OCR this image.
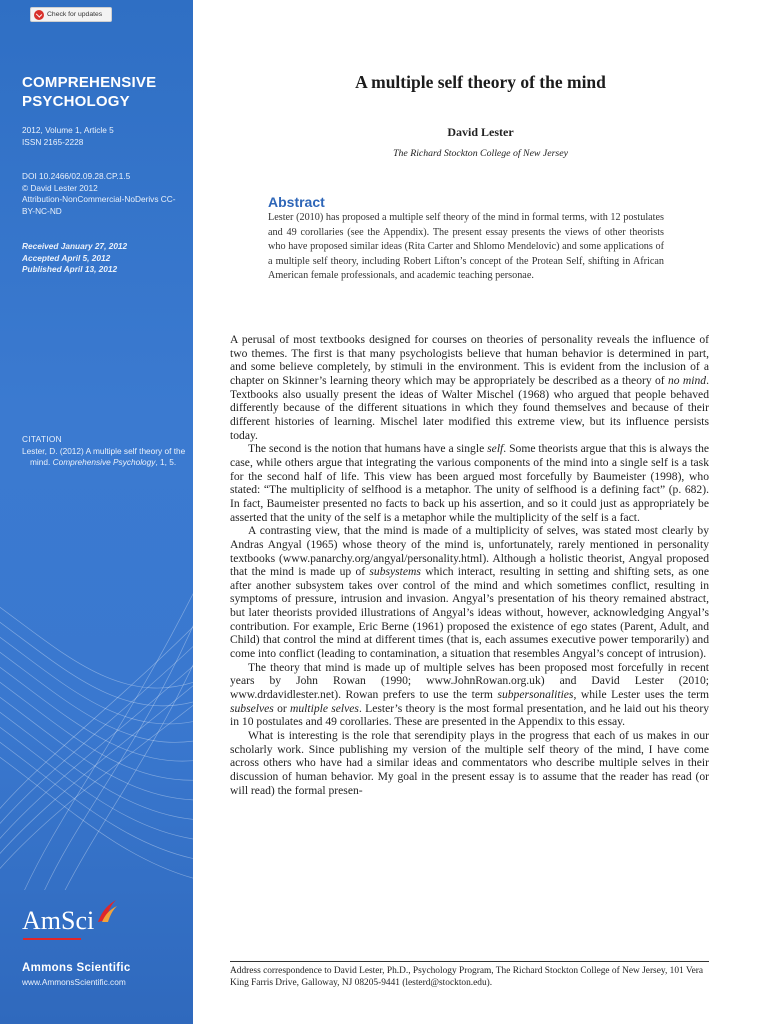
Check for updates
COMPREHENSIVE PSYCHOLOGY
2012, Volume 1, Article 5
ISSN 2165-2228
DOI 10.2466/02.09.28.CP.1.5
© David Lester 2012
Attribution-NonCommercial-NoDerivs CC-BY-NC-ND
Received January 27, 2012
Accepted April 5, 2012
Published April 13, 2012
CITATION
Lester, D. (2012) A multiple self theory of the mind. Comprehensive Psychology, 1, 5.
AmSci
Ammons Scientific
www.AmmonsScientific.com
A multiple self theory of the mind
David Lester
The Richard Stockton College of New Jersey
Abstract

Lester (2010) has proposed a multiple self theory of the mind in formal terms, with 12 postulates and 49 corollaries (see the Appendix). The present essay presents the views of other theorists who have proposed similar ideas (Rita Carter and Shlomo Mendelovic) and some applications of a multiple self theory, including Robert Lifton’s concept of the Protean Self, shifting in African American female professionals, and academic teaching personae.

A perusal of most textbooks designed for courses on theories of personality reveals the influence of two themes. The first is that many psychologists believe that human behavior is determined in part, and some believe completely, by stimuli in the environment. This is evident from the inclusion of a chapter on Skinner’s learning theory which may be appropriately be described as a theory of no mind. Textbooks also usually present the ideas of Walter Mischel (1968) who argued that people behaved differently because of the different situations in which they found themselves and because of their different histories of learning. Mischel later modified this extreme view, but its influence persists today.

The second is the notion that humans have a single self. Some theorists argue that this is always the case, while others argue that integrating the various components of the mind into a single self is a task for the second half of life. This view has been argued most forcefully by Baumeister (1998), who stated: “The multiplicity of selfhood is a metaphor. The unity of selfhood is a defining fact” (p. 682). In fact, Baumeister presented no facts to back up his assertion, and so it could just as appropriately be asserted that the unity of the self is a metaphor while the multiplicity of the self is a fact.

A contrasting view, that the mind is made of a multiplicity of selves, was stated most clearly by Andras Angyal (1965) whose theory of the mind is, unfortunately, rarely mentioned in personality textbooks (www.panarchy.org/angyal/personality.html). Although a holistic theorist, Angyal proposed that the mind is made up of subsystems which interact, resulting in setting and shifting sets, as one after another subsystem takes over control of the mind and which sometimes conflict, resulting in symptoms of pressure, intrusion and invasion. Angyal’s presentation of his theory remained abstract, but later theorists provided illustrations of Angyal’s ideas without, however, acknowledging Angyal’s contribution. For example, Eric Berne (1961) proposed the existence of ego states (Parent, Adult, and Child) that control the mind at different times (that is, each assumes executive power temporarily) and come into conflict (leading to contamination, a situation that resembles Angyal’s concept of intrusion).

The theory that mind is made up of multiple selves has been proposed most forcefully in recent years by John Rowan (1990; www.JohnRowan.org.uk) and David Lester (2010; www.drdavidlester.net). Rowan prefers to use the term subpersonalities, while Lester uses the term subselves or multiple selves. Lester’s theory is the most formal presentation, and he laid out his theory in 10 postulates and 49 corollaries. These are presented in the Appendix to this essay.

What is interesting is the role that serendipity plays in the progress that each of us makes in our scholarly work. Since publishing my version of the multiple self theory of the mind, I have come across others who have had a similar ideas and commentators who describe multiple selves in their discussion of human behavior. My goal in the present essay is to assume that the reader has read (or will read) the formal presen-

Address correspondence to David Lester, Ph.D., Psychology Program, The Richard Stockton College of New Jersey, 101 Vera King Farris Drive, Galloway, NJ 08205-9441 (lesterd@stockton.edu).
